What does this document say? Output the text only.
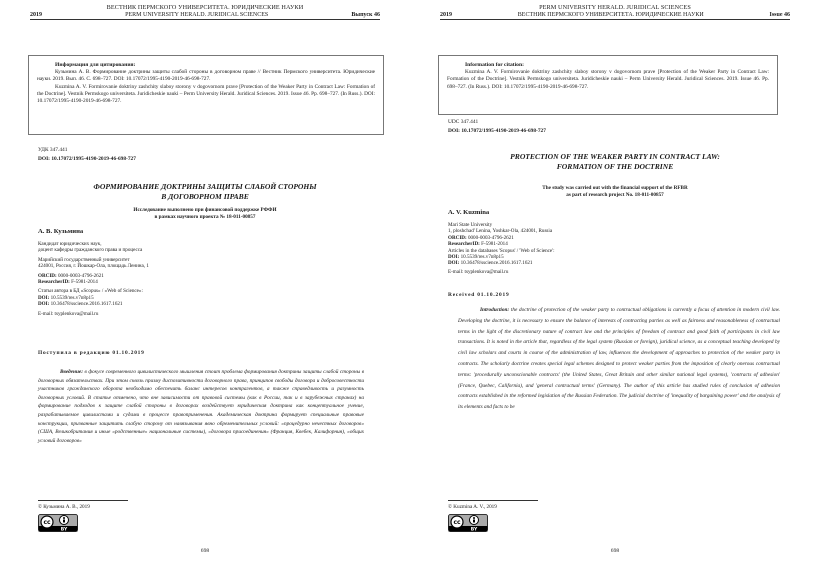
ВЕСТНИК ПЕРМСКОГО УНИВЕРСИТЕТА. ЮРИДИЧЕСКИЕ НАУКИ
2019	PERM UNIVERSITY HERALD. JURIDICAL SCIENCES	Выпуск 46
Информация для цитирования:

Кузьмина А. В. Формирование доктрины защиты слабой стороны в договорном праве // Вестник Пермского университета. Юридические науки. 2019. Вып. 46. C. 698–727. DOI: 10.17072/1995-4190-2019-46-698-727.

Kuzmina A. V. Formirovanie doktriny zashchity slaboy storony v dogovornom prave [Protection of the Weaker Party in Contract Law: Formation of the Doctrine]. Vestnik Permskogo universiteta. Juridicheskie nauki – Perm University Herald. Juridical Sciences. 2019. Issue 46. Pp. 698–727. (In Russ.). DOI: 10.17072/1995-4190-2019-46-698-727.

УДК 347.441
DOI: 10.17072/1995-4190-2019-46-698-727
ФОРМИРОВАНИЕ ДОКТРИНЫ ЗАЩИТЫ СЛАБОЙ СТОРОНЫ
В ДОГОВОРНОМ ПРАВЕ
Исследование выполнено при финансовой поддержке РФФИ
в рамках научного проекта № 18-011-00857
А. В. Кузьмина
Кандидат юридических наук,
доцент кафедры гражданского права и процесса
Марийский государственный университет
424001, Россия, г. Йошкар-Ола, площадь Ленина, 1
ORCID: 0000-0003-4796-2621
ResearcherID: F-5981-2014
Статьи автора в БД «Scopus» / «Web of Science»:
DOI: 10.5539/res.v7n8p15
DOI: 10.36478/sscience.2016.1617.1621
E-mail: tsyplenkova@mail.ru
Поступила в редакцию 01.10.2019
Введение: в фокусе современного цивилистического мышления стоит проблема формирования доктрины защиты слабой стороны в договорных обязательствах. При этом сквозь призму диспозитивности договорного права, принципов свободы договора и добросовестности участников гражданского оборота необходимо обеспечить баланс интересов контрагентов, а также справедливость и разумность договорных условий. В статье отмечено, что вне зависимости от правовой системы (как в России, так и в зарубежных странах) на формирование подходов к защите слабой стороны в договорах воздействует юридическая доктрина как концептуальное учение, разрабатываемое цивилистами и судами в процессе правоприменения. Академическая доктрина формирует специальные правовые конструкции, призванные защитить слабую сторону от навязывания явно обременительных условий: «процедурно нечестных договоров» (США, Великобритания и иные «родственные» национальные системы), «договора присоединения» (Франция, Квебек, Калифорния), «общих условий договоров»
© Кузьмина А. В., 2019
cc
BY
698
PERM UNIVERSITY HERALD. JURIDICAL SCIENCES
2019	ВЕСТНИК ПЕРМСКОГО УНИВЕРСИТЕТА. ЮРИДИЧЕСКИЕ НАУКИ	Issue 46
Information for citation:

Kuzmina A. V. Formirovanie doktriny zashchity slaboy storony v dogovornom prave [Protection of the Weaker Party in Contract Law: Formation of the Doctrine]. Vestnik Permskogo universiteta. Juridicheskie nauki – Perm University Herald. Juridical Sciences. 2019. Issue 46. Pp. 698–727. (In Russ.). DOI: 10.17072/1995-4190-2019-46-698-727.

UDC 347.441
DOI: 10.17072/1995-4190-2019-46-698-727
PROTECTION OF THE WEAKER PARTY IN CONTRACT LAW:
FORMATION OF THE DOCTRINE
The study was carried out with the financial support of the RFBR
as part of research project No. 18-011-00857
A. V. Kuzmina
Mari State University
1, ploshchad' Lenina, Yoshkar-Ola, 424001, Russia
ORCID: 0000-0003-4796-2621
ResearcherID: F-5981-2014
Articles in the databases 'Scopus' / 'Web of Science':
DOI: 10.5539/res.v7n8p15
DOI: 10.36478/sscience.2016.1617.1621
E-mail: tsyplenkova@mail.ru
Received 01.10.2019
Introduction: the doctrine of protection of the weaker party to contractual obligations is currently a focus of attention in modern civil law. Developing the doctrine, it is necessary to ensure the balance of interests of contracting parties as well as fairness and reasonableness of contractual terms in the light of the discretionary nature of contract law and the principles of freedom of contract and good faith of participants in civil law transactions. It is noted in the article that, regardless of the legal system (Russian or foreign), juridical science, as a conceptual teaching developed by civil law scholars and courts in course of the administration of law, influences the development of approaches to protection of the weaker party in contracts. The scholarly doctrine creates special legal schemes designed to protect weaker parties from the imposition of clearly onerous contractual terms: 'procedurally unconscionable contracts' (the United States, Great Britain and other similar national legal systems), 'contracts of adhesion' (France, Quebec, California), and 'general contractual terms' (Germany). The author of this article has studied rules of conclusion of adhesion contracts established in the reformed legislation of the Russian Federation. The judicial doctrine of 'inequality of bargaining power' and the analysis of its elements and facts to be
© Kuzmina A. V., 2019
cc
BY
698
